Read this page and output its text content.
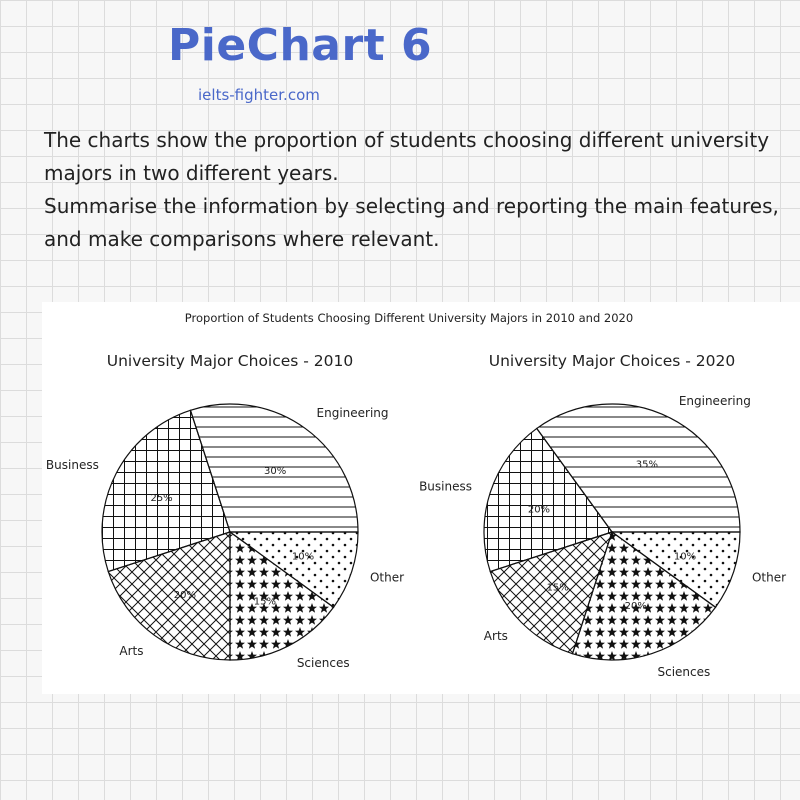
PieChart 6
ielts-fighter.com

The charts show the proportion of students choosing different university majors in two different years.

Summarise the information by selecting and reporting the main features, and make comparisons where relevant.

Proportion of Students Choosing Different University Majors in 2010 and 2020
University Major Choices - 2010	University Major Choices - 2020
30%
Engineering
25%
Business
20%
Arts
15%
Sciences
10%
Other
35%
Engineering
20%
Business
15%
Arts
20%
Sciences
10%
Other
